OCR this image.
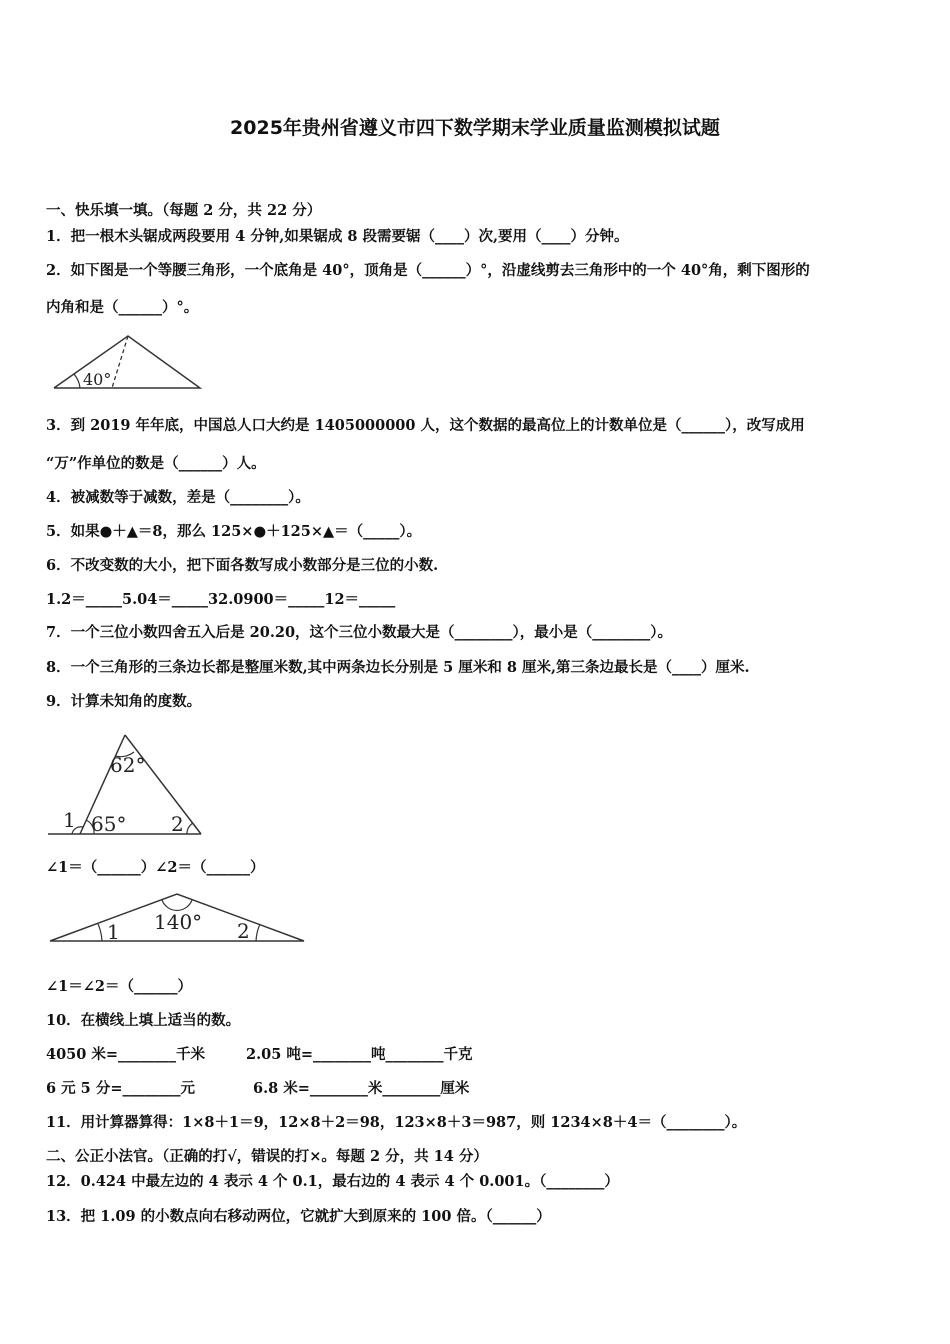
2025年贵州省遵义市四下数学期末学业质量监测模拟试题
一、快乐填一填。（每题 2 分，共 22 分）
1．把一根木头锯成两段要用 4 分钟,如果锯成 8 段需要锯（____）次,要用（____）分钟。
2．如下图是一个等腰三角形，一个底角是 40°，顶角是（______）°，沿虚线剪去三角形中的一个 40°角，剩下图形的
内角和是（______）°。
40°
3．到 2019 年年底，中国总人口大约是 1405000000 人，这个数据的最高位上的计数单位是（______），改写成用
“万”作单位的数是（______）人。
4．被减数等于减数，差是（________）。
5．如果●＋▲＝8，那么 125×●＋125×▲＝（_____）。
6．不改变数的大小，把下面各数写成小数部分是三位的小数.
1.2＝_____5.04＝_____32.0900＝_____12＝_____
7．一个三位小数四舍五入后是 20.20，这个三位小数最大是（________），最小是（________）。
8．一个三角形的三条边长都是整厘米数,其中两条边长分别是 5 厘米和 8 厘米,第三条边最长是（____）厘米.
9．计算未知角的度数。
62°
65°
1	2
∠1＝（______）∠2＝（______）
140°
1	2
∠1＝∠2＝（______）
10．在横线上填上适当的数。
4050 米=________千米	2.05 吨=________吨________千克
6 元 5 分=________元	6.8 米=________米________厘米
11．用计算器算得：1×8＋1＝9，12×8＋2＝98，123×8＋3＝987，则 1234×8＋4＝（________）。
二、公正小法官。（正确的打√，错误的打×。每题 2 分，共 14 分）
12．0.424 中最左边的 4 表示 4 个 0.1，最右边的 4 表示 4 个 0.001。（________）
13．把 1.09 的小数点向右移动两位，它就扩大到原来的 100 倍。（______）
